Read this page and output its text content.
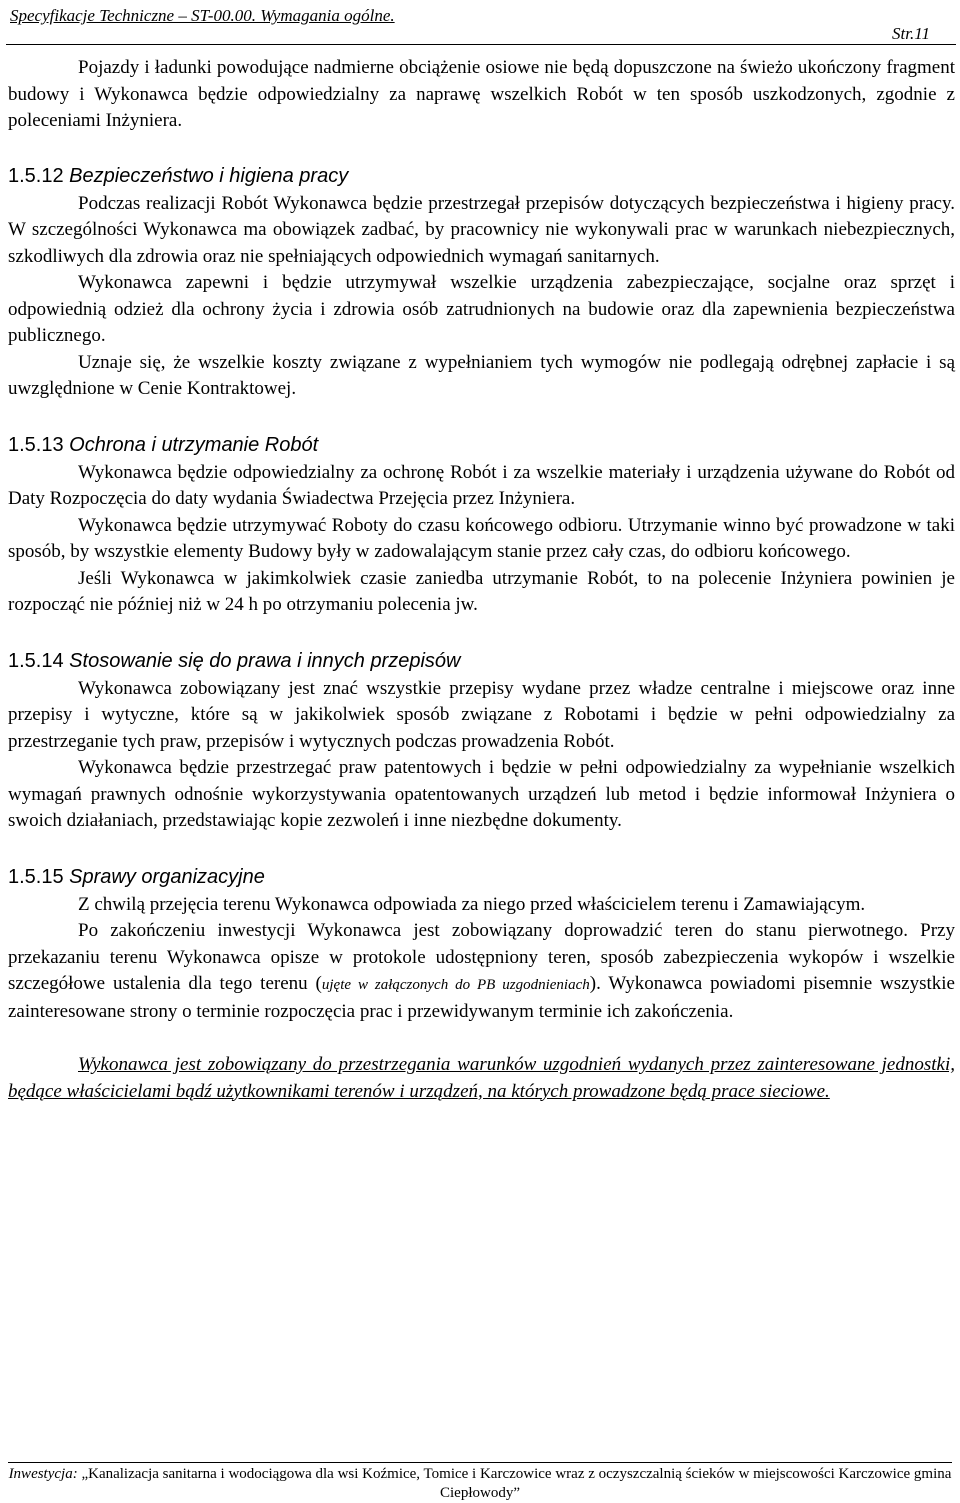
Specyfikacje Techniczne – ST-00.00. Wymagania ogólne.
Str.11

Pojazdy i ładunki powodujące nadmierne obciążenie osiowe nie będą dopuszczone na świeżo ukończony fragment budowy i Wykonawca będzie odpowiedzialny za naprawę wszelkich Robót w ten sposób uszkodzonych, zgodnie z poleceniami Inżyniera.

1.5.12 Bezpieczeństwo i higiena pracy

Podczas realizacji Robót Wykonawca będzie przestrzegał przepisów dotyczących bezpieczeństwa i higieny pracy. W szczególności Wykonawca ma obowiązek zadbać, by pracownicy nie wykonywali prac w warunkach niebezpiecznych, szkodliwych dla zdrowia oraz nie spełniających odpowiednich wymagań sanitarnych.

Wykonawca zapewni i będzie utrzymywał wszelkie urządzenia zabezpieczające, socjalne oraz sprzęt i odpowiednią odzież dla ochrony życia i zdrowia osób zatrudnionych na budowie oraz dla zapewnienia bezpieczeństwa publicznego.

Uznaje się, że wszelkie koszty związane z wypełnianiem tych wymogów nie podlegają odrębnej zapłacie i są uwzględnione w Cenie Kontraktowej.

1.5.13 Ochrona i utrzymanie Robót

Wykonawca będzie odpowiedzialny za ochronę Robót i za wszelkie materiały i urządzenia używane do Robót od Daty Rozpoczęcia do daty wydania Świadectwa Przejęcia przez Inżyniera.

Wykonawca będzie utrzymywać Roboty do czasu końcowego odbioru. Utrzymanie winno być prowadzone w taki sposób, by wszystkie elementy Budowy były w zadowalającym stanie przez cały czas, do odbioru końcowego.

Jeśli Wykonawca w jakimkolwiek czasie zaniedba utrzymanie Robót, to na polecenie Inżyniera powinien je rozpocząć nie później niż w 24 h po otrzymaniu polecenia jw.

1.5.14 Stosowanie się do prawa i innych przepisów

Wykonawca zobowiązany jest znać wszystkie przepisy wydane przez władze centralne i miejscowe oraz inne przepisy i wytyczne, które są w jakikolwiek sposób związane z Robotami i będzie w pełni odpowiedzialny za przestrzeganie tych praw, przepisów i wytycznych podczas prowadzenia Robót.

Wykonawca będzie przestrzegać praw patentowych i będzie w pełni odpowiedzialny za wypełnianie wszelkich wymagań prawnych odnośnie wykorzystywania opatentowanych urządzeń lub metod i będzie informował Inżyniera o swoich działaniach, przedstawiając kopie zezwoleń i inne niezbędne dokumenty.

1.5.15 Sprawy organizacyjne

Z chwilą przejęcia terenu Wykonawca odpowiada za niego przed właścicielem terenu i Zamawiającym.

Po zakończeniu inwestycji Wykonawca jest zobowiązany doprowadzić teren do stanu pierwotnego. Przy przekazaniu terenu Wykonawca opisze w protokole udostępniony teren, sposób zabezpieczenia wykopów i wszelkie szczegółowe ustalenia dla tego terenu (ujęte w załączonych do PB uzgodnieniach). Wykonawca powiadomi pisemnie wszystkie zainteresowane strony o terminie rozpoczęcia prac i przewidywanym terminie ich zakończenia.

Wykonawca jest zobowiązany do przestrzegania warunków uzgodnień wydanych przez zainteresowane jednostki, będące właścicielami bądź użytkownikami terenów i urządzeń, na których prowadzone będą prace sieciowe.

Inwestycja: „Kanalizacja sanitarna i wodociągowa dla wsi Koźmice, Tomice i Karczowice wraz z oczyszczalnią ścieków w miejscowości Karczowice gmina Ciepłowody”
